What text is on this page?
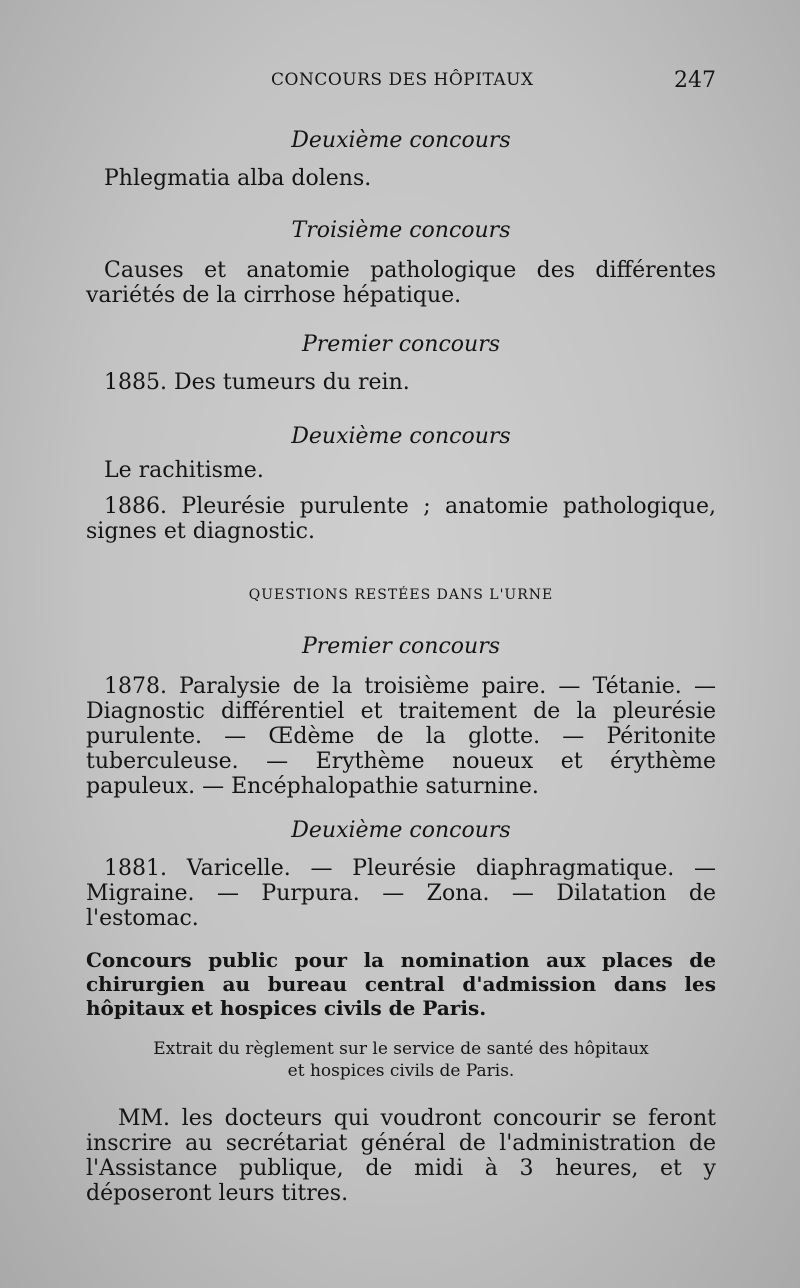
CONCOURS DES HÔPITAUX	247

Deuxième concours

Phlegmatia alba dolens.

Troisième concours

Causes et anatomie pathologique des différentes variétés de la cirrhose hépatique.

Premier concours

1885. Des tumeurs du rein.

Deuxième concours

Le rachitisme.

1886. Pleurésie purulente ; anatomie pathologique, signes et diagnostic.

QUESTIONS RESTÉES DANS L'URNE

Premier concours

1878. Paralysie de la troisième paire. — Tétanie. — Diagnostic différentiel et traitement de la pleurésie purulente. — Œdème de la glotte. — Péritonite tuberculeuse. — Erythème noueux et érythème papuleux. — Encéphalopathie saturnine.

Deuxième concours

1881. Varicelle. — Pleurésie diaphragmatique. — Migraine. — Purpura. — Zona. — Dilatation de l'estomac.

Concours public pour la nomination aux places de chirurgien au bureau central d'admission dans les hôpitaux et hospices civils de Paris.

Extrait du règlement sur le service de santé des hôpitaux

et hospices civils de Paris.

MM. les docteurs qui voudront concourir se feront inscrire au secrétariat général de l'administration de l'Assistance publique, de midi à 3 heures, et y déposeront leurs titres.
